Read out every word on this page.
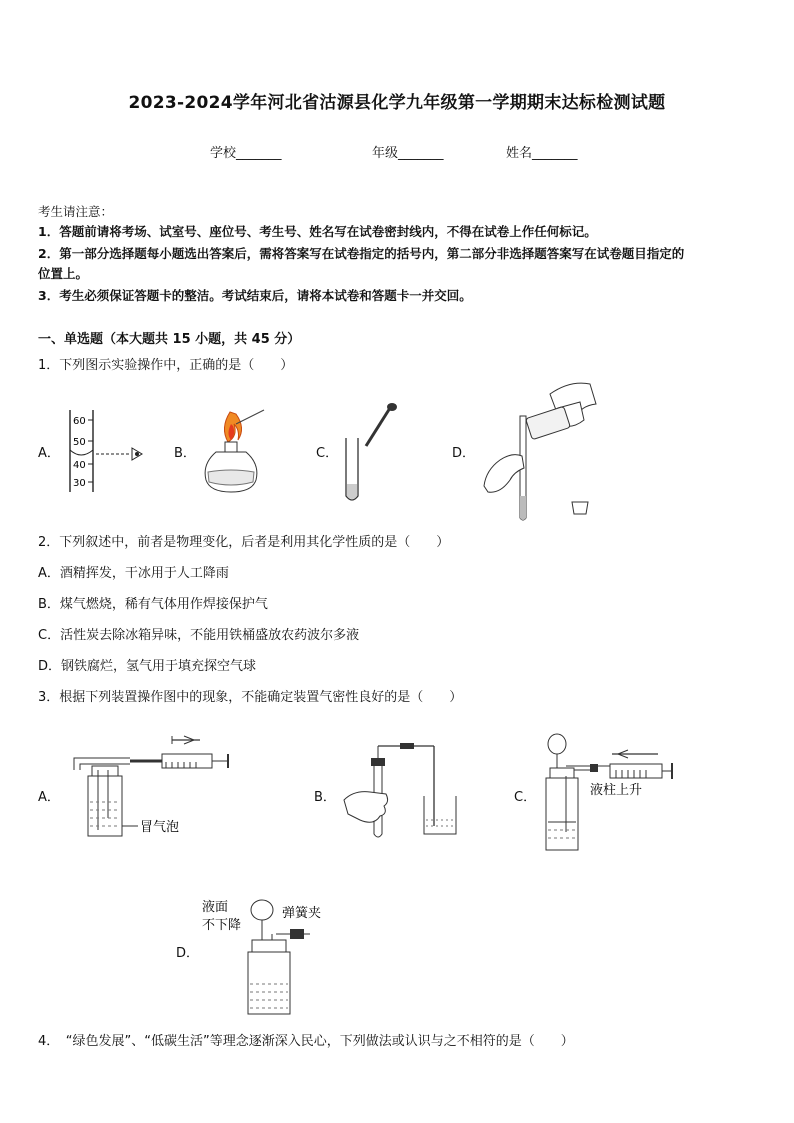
2023-2024学年河北省沽源县化学九年级第一学期期末达标检测试题
学校_______	年级_______	姓名_______
考生请注意：
1．答题前请将考场、试室号、座位号、考生号、姓名写在试卷密封线内，不得在试卷上作任何标记。
2．第一部分选择题每小题选出答案后，需将答案写在试卷指定的括号内，第二部分非选择题答案写在试卷题目指定的
位置上。
3．考生必须保证答题卡的整洁。考试结束后，请将本试卷和答题卡一并交回。
一、单选题（本大题共 15 小题，共 45 分）
1．下列图示实验操作中，正确的是（　　）
A．	B．	C．	D．
60
50
40
30
2．下列叙述中，前者是物理变化，后者是利用其化学性质的是（　　）
A．酒精挥发，干冰用于人工降雨
B．煤气燃烧，稀有气体用作焊接保护气
C．活性炭去除冰箱异味，不能用铁桶盛放农药波尔多液
D．钢铁腐烂，氢气用于填充探空气球
3．根据下列装置操作图中的现象，不能确定装置气密性良好的是（　　）
A．	B．	C．
D．
冒气泡
液柱上升
液面
不下降
弹簧夹
4．　“绿色发展”、“低碳生活”等理念逐渐深入民心，下列做法或认识与之不相符的是（　　）
